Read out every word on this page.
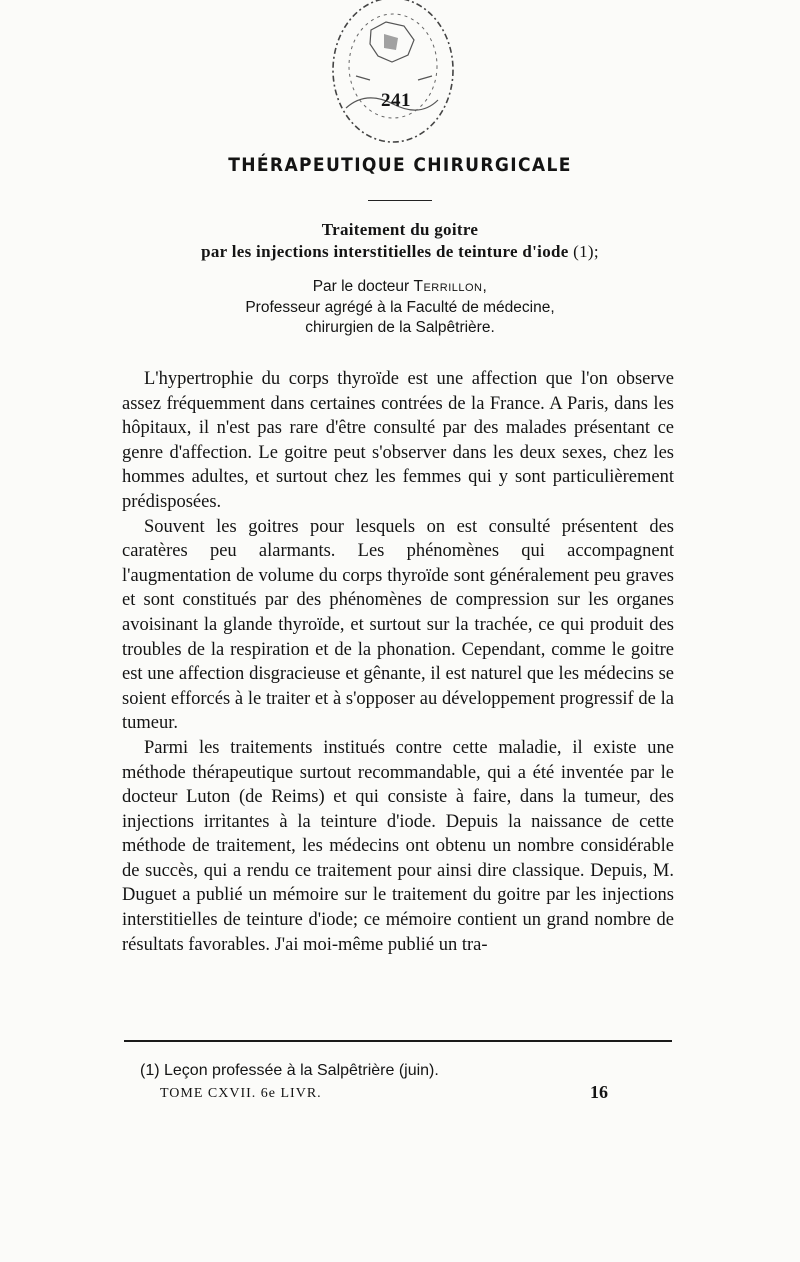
241
THÉRAPEUTIQUE CHIRURGICALE
Traitement du goitre
par les injections interstitielles de teinture d'iode (1);
Par le docteur Terrillon,
Professeur agrégé à la Faculté de médecine,
chirurgien de la Salpêtrière.

L'hypertrophie du corps thyroïde est une affection que l'on observe assez fréquemment dans certaines contrées de la France. A Paris, dans les hôpitaux, il n'est pas rare d'être consulté par des malades présentant ce genre d'affection. Le goitre peut s'observer dans les deux sexes, chez les hommes adultes, et surtout chez les femmes qui y sont particulièrement prédisposées.

Souvent les goitres pour lesquels on est consulté présentent des caratères peu alarmants. Les phénomènes qui accompagnent l'augmentation de volume du corps thyroïde sont généralement peu graves et sont constitués par des phénomènes de compression sur les organes avoisinant la glande thyroïde, et surtout sur la trachée, ce qui produit des troubles de la respiration et de la phonation. Cependant, comme le goitre est une affection disgracieuse et gênante, il est naturel que les médecins se soient efforcés à le traiter et à s'opposer au développement progressif de la tumeur.

Parmi les traitements institués contre cette maladie, il existe une méthode thérapeutique surtout recommandable, qui a été inventée par le docteur Luton (de Reims) et qui consiste à faire, dans la tumeur, des injections irritantes à la teinture d'iode. Depuis la naissance de cette méthode de traitement, les médecins ont obtenu un nombre considérable de succès, qui a rendu ce traitement pour ainsi dire classique. Depuis, M. Duguet a publié un mémoire sur le traitement du goitre par les injections interstitielles de teinture d'iode; ce mémoire contient un grand nombre de résultats favorables. J'ai moi-même publié un tra-

(1) Leçon professée à la Salpêtrière (juin).
TOME CXVII. 6e LIVR.	16
